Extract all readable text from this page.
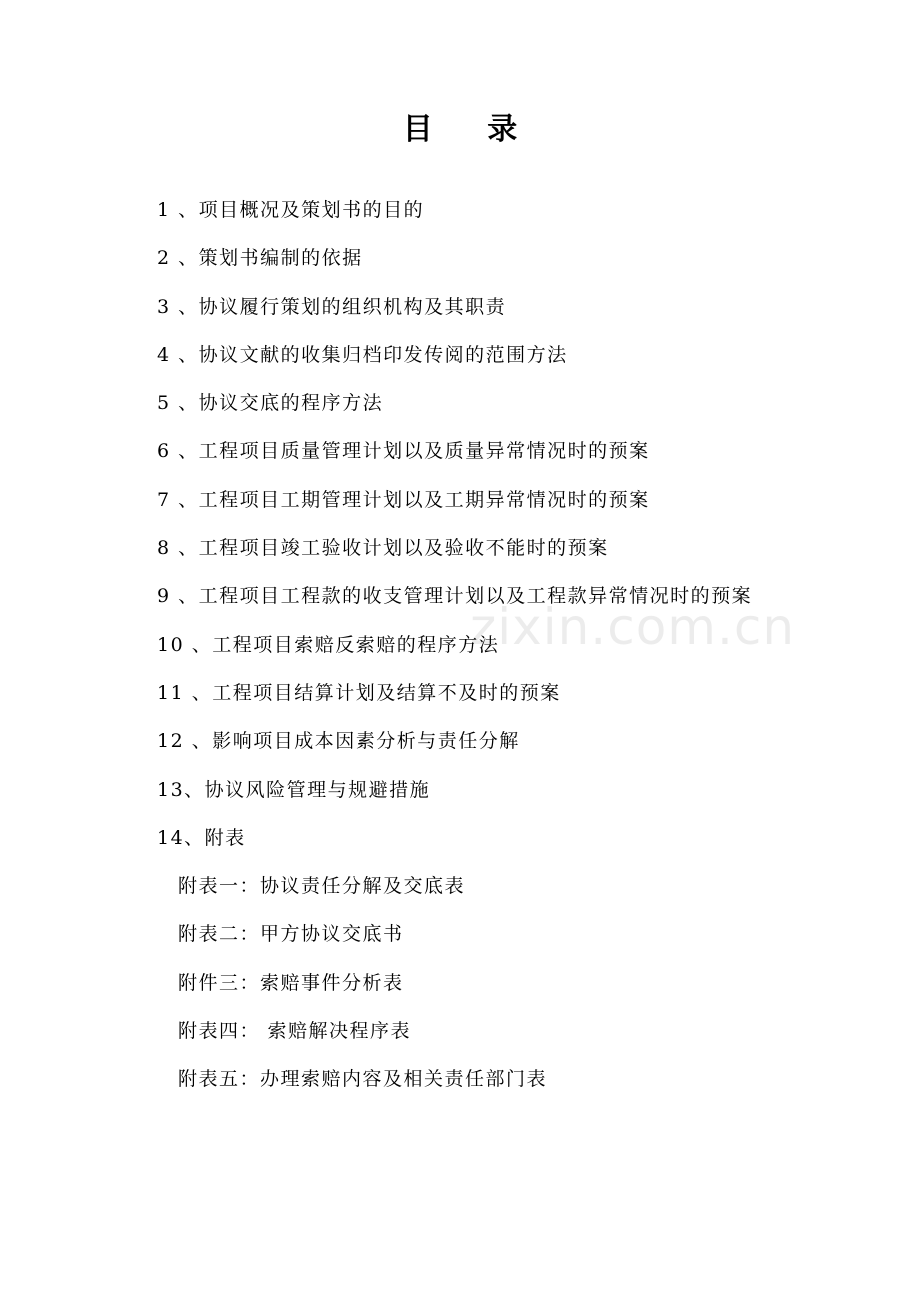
目 录
1 、项目概况及策划书的目的
2 、策划书编制的依据
3 、协议履行策划的组织机构及其职责
4 、协议文献的收集归档印发传阅的范围方法
5 、协议交底的程序方法
6 、工程项目质量管理计划以及质量异常情况时的预案
7 、工程项目工期管理计划以及工期异常情况时的预案
8 、工程项目竣工验收计划以及验收不能时的预案
9 、工程项目工程款的收支管理计划以及工程款异常情况时的预案
10 、工程项目索赔反索赔的程序方法
11 、工程项目结算计划及结算不及时的预案
12 、影响项目成本因素分析与责任分解
13、协议风险管理与规避措施
14、附表
附表一：协议责任分解及交底表
附表二：甲方协议交底书
附件三：索赔事件分析表
附表四： 索赔解决程序表
附表五：办理索赔内容及相关责任部门表
zixin.com.cn
